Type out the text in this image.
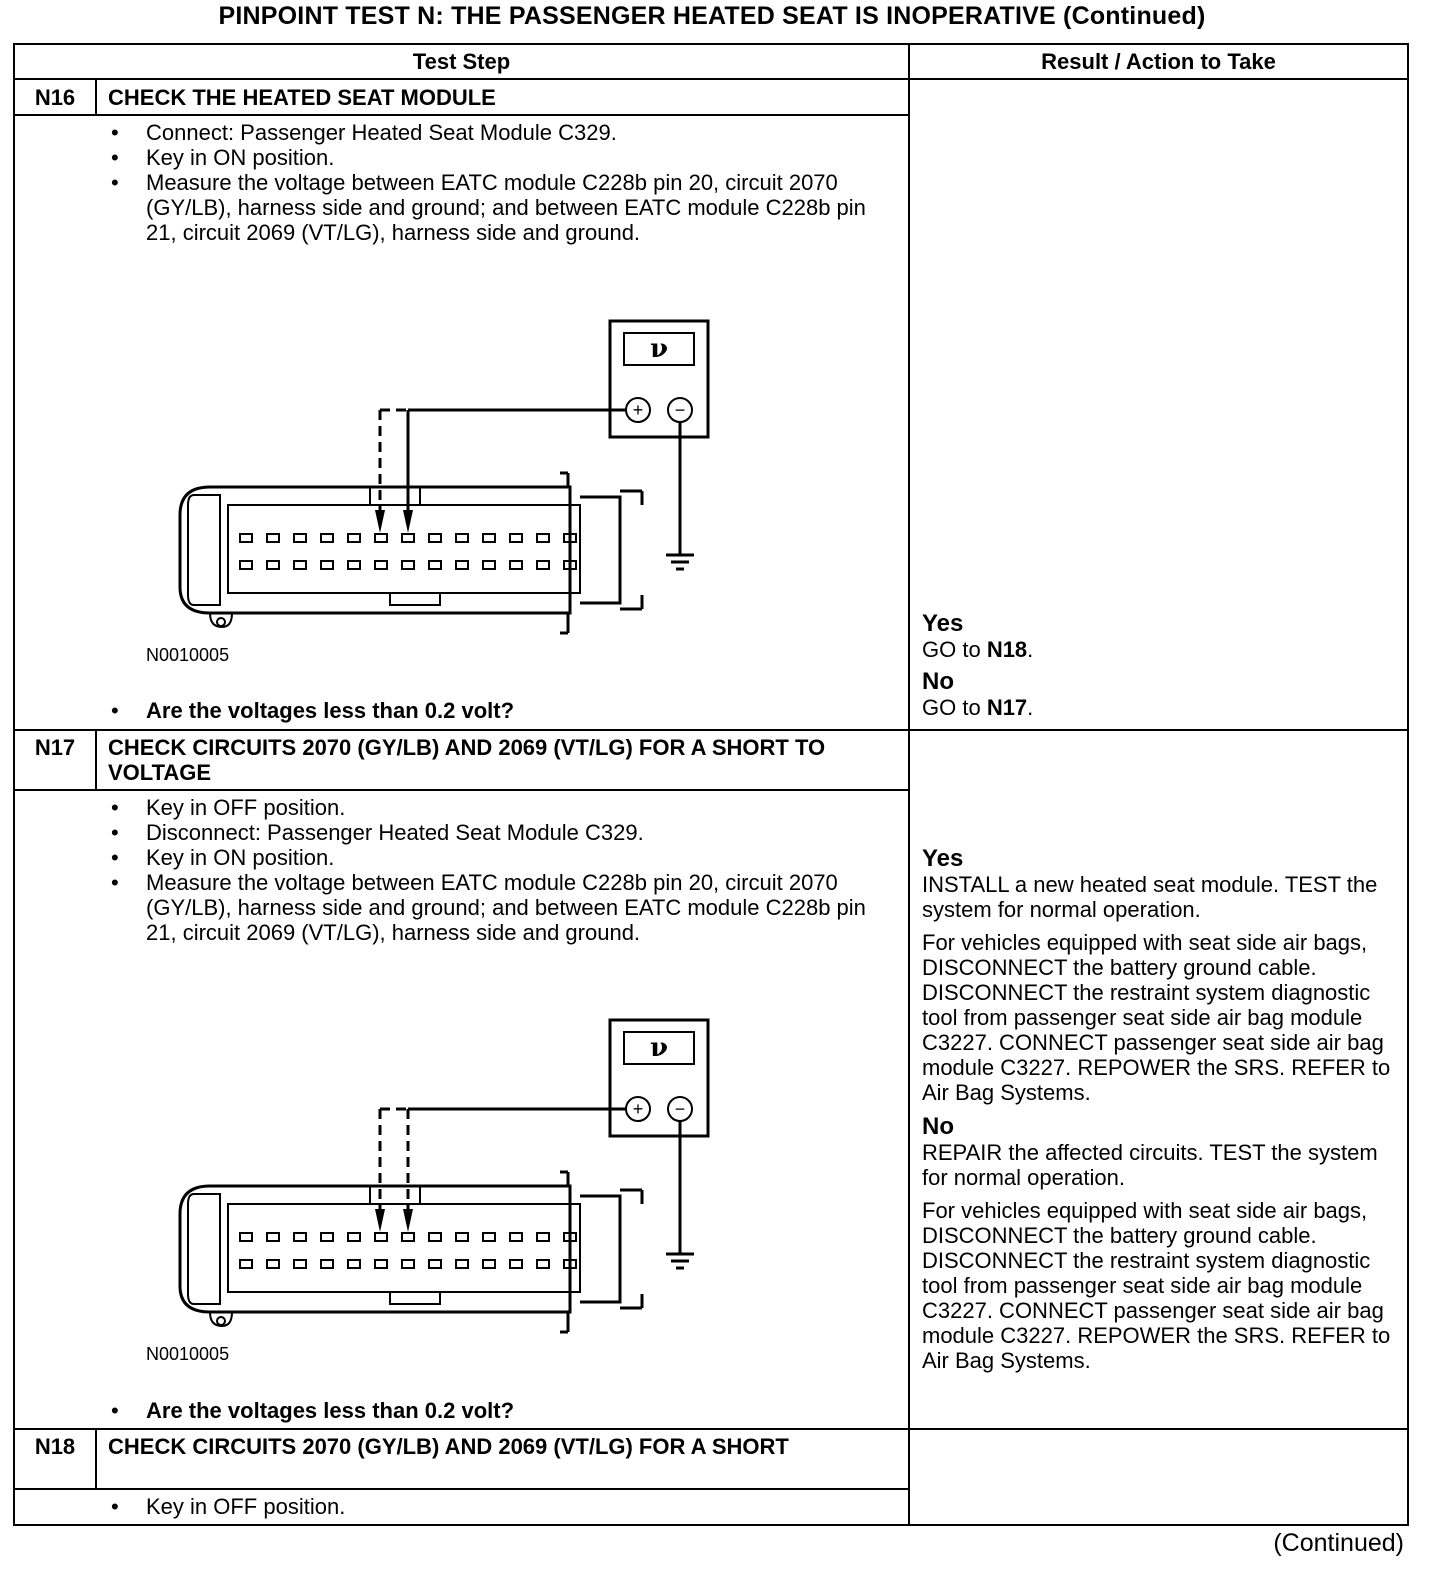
PINPOINT TEST N: THE PASSENGER HEATED SEAT IS INOPERATIVE (Continued)
Test Step	Result / Action to Take
N16	CHECK THE HEATED SEAT MODULE
• Connect: Passenger Heated Seat Module C329.
• Key in ON position.
• Measure the voltage between EATC module C228b pin 20, circuit 2070 (GY/LB), harness side and ground; and between EATC module C228b pin 21, circuit 2069 (VT/LG), harness side and ground.
ν
+ −
N0010005
• Are the voltages less than 0.2 volt?
Yes

GO to N18.

No

GO to N17.

N17	CHECK CIRCUITS 2070 (GY/LB) AND 2069 (VT/LG) FOR A SHORT TO VOLTAGE
• Key in OFF position.
• Disconnect: Passenger Heated Seat Module C329.
• Key in ON position.
• Measure the voltage between EATC module C228b pin 20, circuit 2070 (GY/LB), harness side and ground; and between EATC module C228b pin 21, circuit 2069 (VT/LG), harness side and ground.
ν
+ −
N0010005
• Are the voltages less than 0.2 volt?
Yes

INSTALL a new heated seat module. TEST the system for normal operation.

For vehicles equipped with seat side air bags, DISCONNECT the battery ground cable. DISCONNECT the restraint system diagnostic tool from passenger seat side air bag module C3227. CONNECT passenger seat side air bag module C3227. REPOWER the SRS. REFER to Air Bag Systems.

No

REPAIR the affected circuits. TEST the system for normal operation.

For vehicles equipped with seat side air bags, DISCONNECT the battery ground cable. DISCONNECT the restraint system diagnostic tool from passenger seat side air bag module C3227. CONNECT passenger seat side air bag module C3227. REPOWER the SRS. REFER to Air Bag Systems.

N18	CHECK CIRCUITS 2070 (GY/LB) AND 2069 (VT/LG) FOR A SHORT
• Key in OFF position.
(Continued)
